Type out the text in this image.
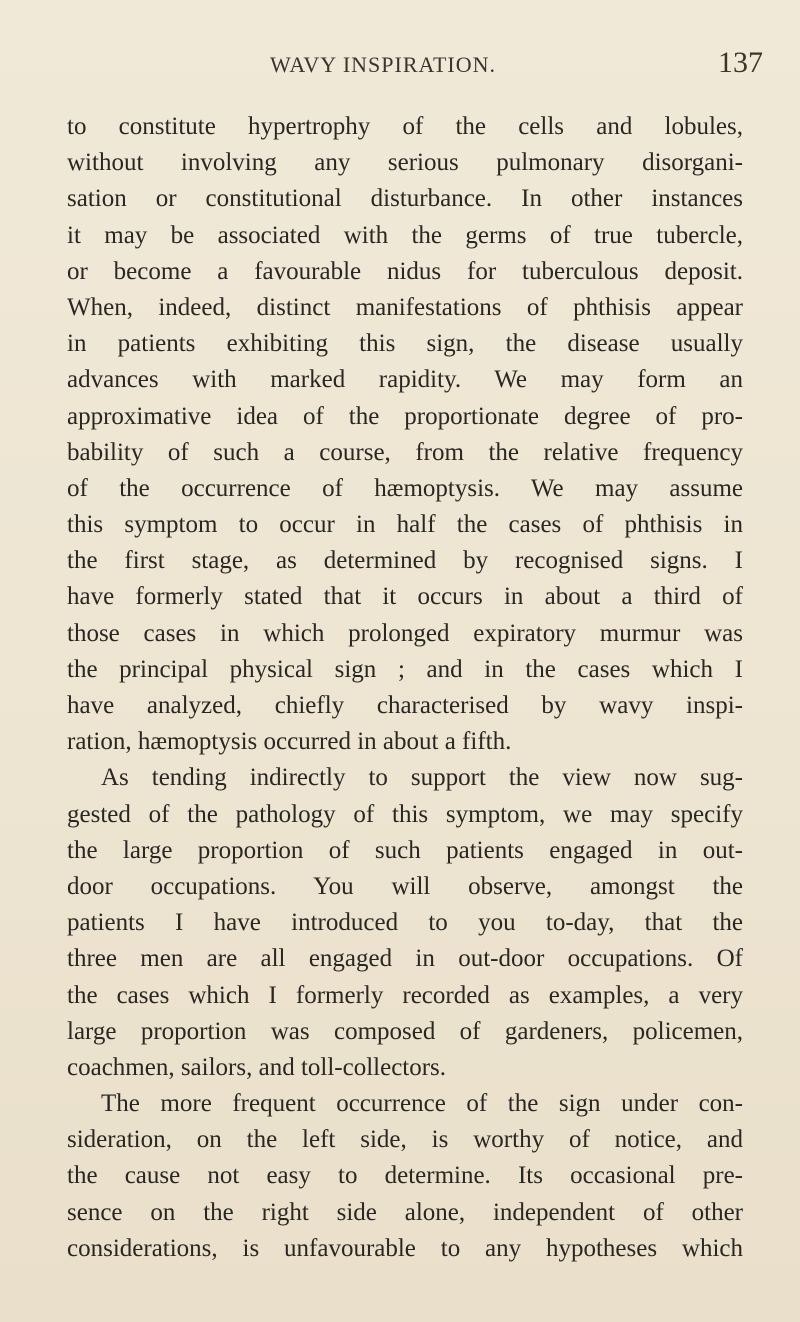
WAVY INSPIRATION.	137
to constitute hypertrophy of the cells and lobules,
without involving any serious pulmonary disorgani-
sation or constitutional disturbance. In other instances
it may be associated with the germs of true tubercle,
or become a favourable nidus for tuberculous deposit.
When, indeed, distinct manifestations of phthisis appear
in patients exhibiting this sign, the disease usually
advances with marked rapidity. We may form an
approximative idea of the proportionate degree of pro-
bability of such a course, from the relative frequency
of the occurrence of hæmoptysis. We may assume
this symptom to occur in half the cases of phthisis in
the first stage, as determined by recognised signs. I
have formerly stated that it occurs in about a third of
those cases in which prolonged expiratory murmur was
the principal physical sign ; and in the cases which I
have analyzed, chiefly characterised by wavy inspi-
ration, hæmoptysis occurred in about a fifth.
As tending indirectly to support the view now sug-
gested of the pathology of this symptom, we may specify
the large proportion of such patients engaged in out-
door occupations. You will observe, amongst the
patients I have introduced to you to-day, that the
three men are all engaged in out-door occupations. Of
the cases which I formerly recorded as examples, a very
large proportion was composed of gardeners, policemen,
coachmen, sailors, and toll-collectors.
The more frequent occurrence of the sign under con-
sideration, on the left side, is worthy of notice, and
the cause not easy to determine. Its occasional pre-
sence on the right side alone, independent of other
considerations, is unfavourable to any hypotheses which
